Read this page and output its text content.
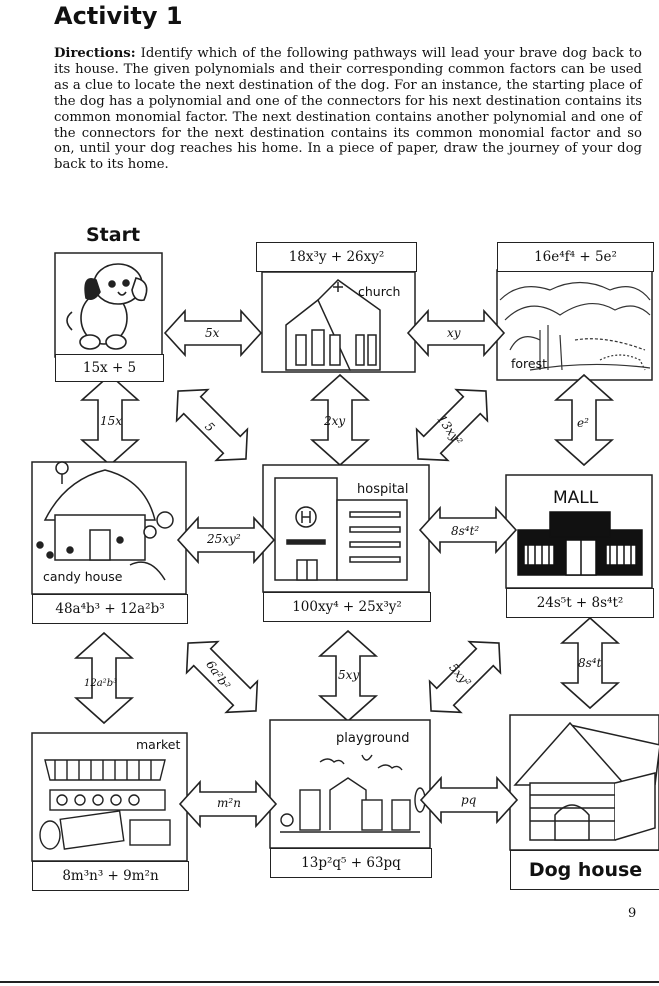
Activity 1
Directions: Identify which of the following pathways will lead your brave dog back to its house. The given polynomials and their corresponding common factors can be used as a clue to locate the next destination of the dog. For an instance, the starting place of the dog has a polynomial and one of the connectors for his next destination contains its common monomial factor. The next destination contains another polynomial and one of the connectors for the next destination contains its common monomial factor and so on, until your dog reaches his home. In a piece of paper, draw the journey of your dog back to its home.
Start
15x + 5
18x³y + 26xy²	16e⁴f⁴ + 5e²
48a⁴b³ + 12a²b³	100xy⁴ + 25x³y²	24s⁵t + 8s⁴t²
8m³n³ + 9m²n
13p²q⁵ + 63pq	Dog house
church
forest
candy house
hospital	MALL
market	playground
5x	xy
15x	5	2xy	13xy²	e²
25xy²
8s⁴t²
12a²b³	6a²b²	5xy	5xy²	8s⁴t
m²n	pq
9
